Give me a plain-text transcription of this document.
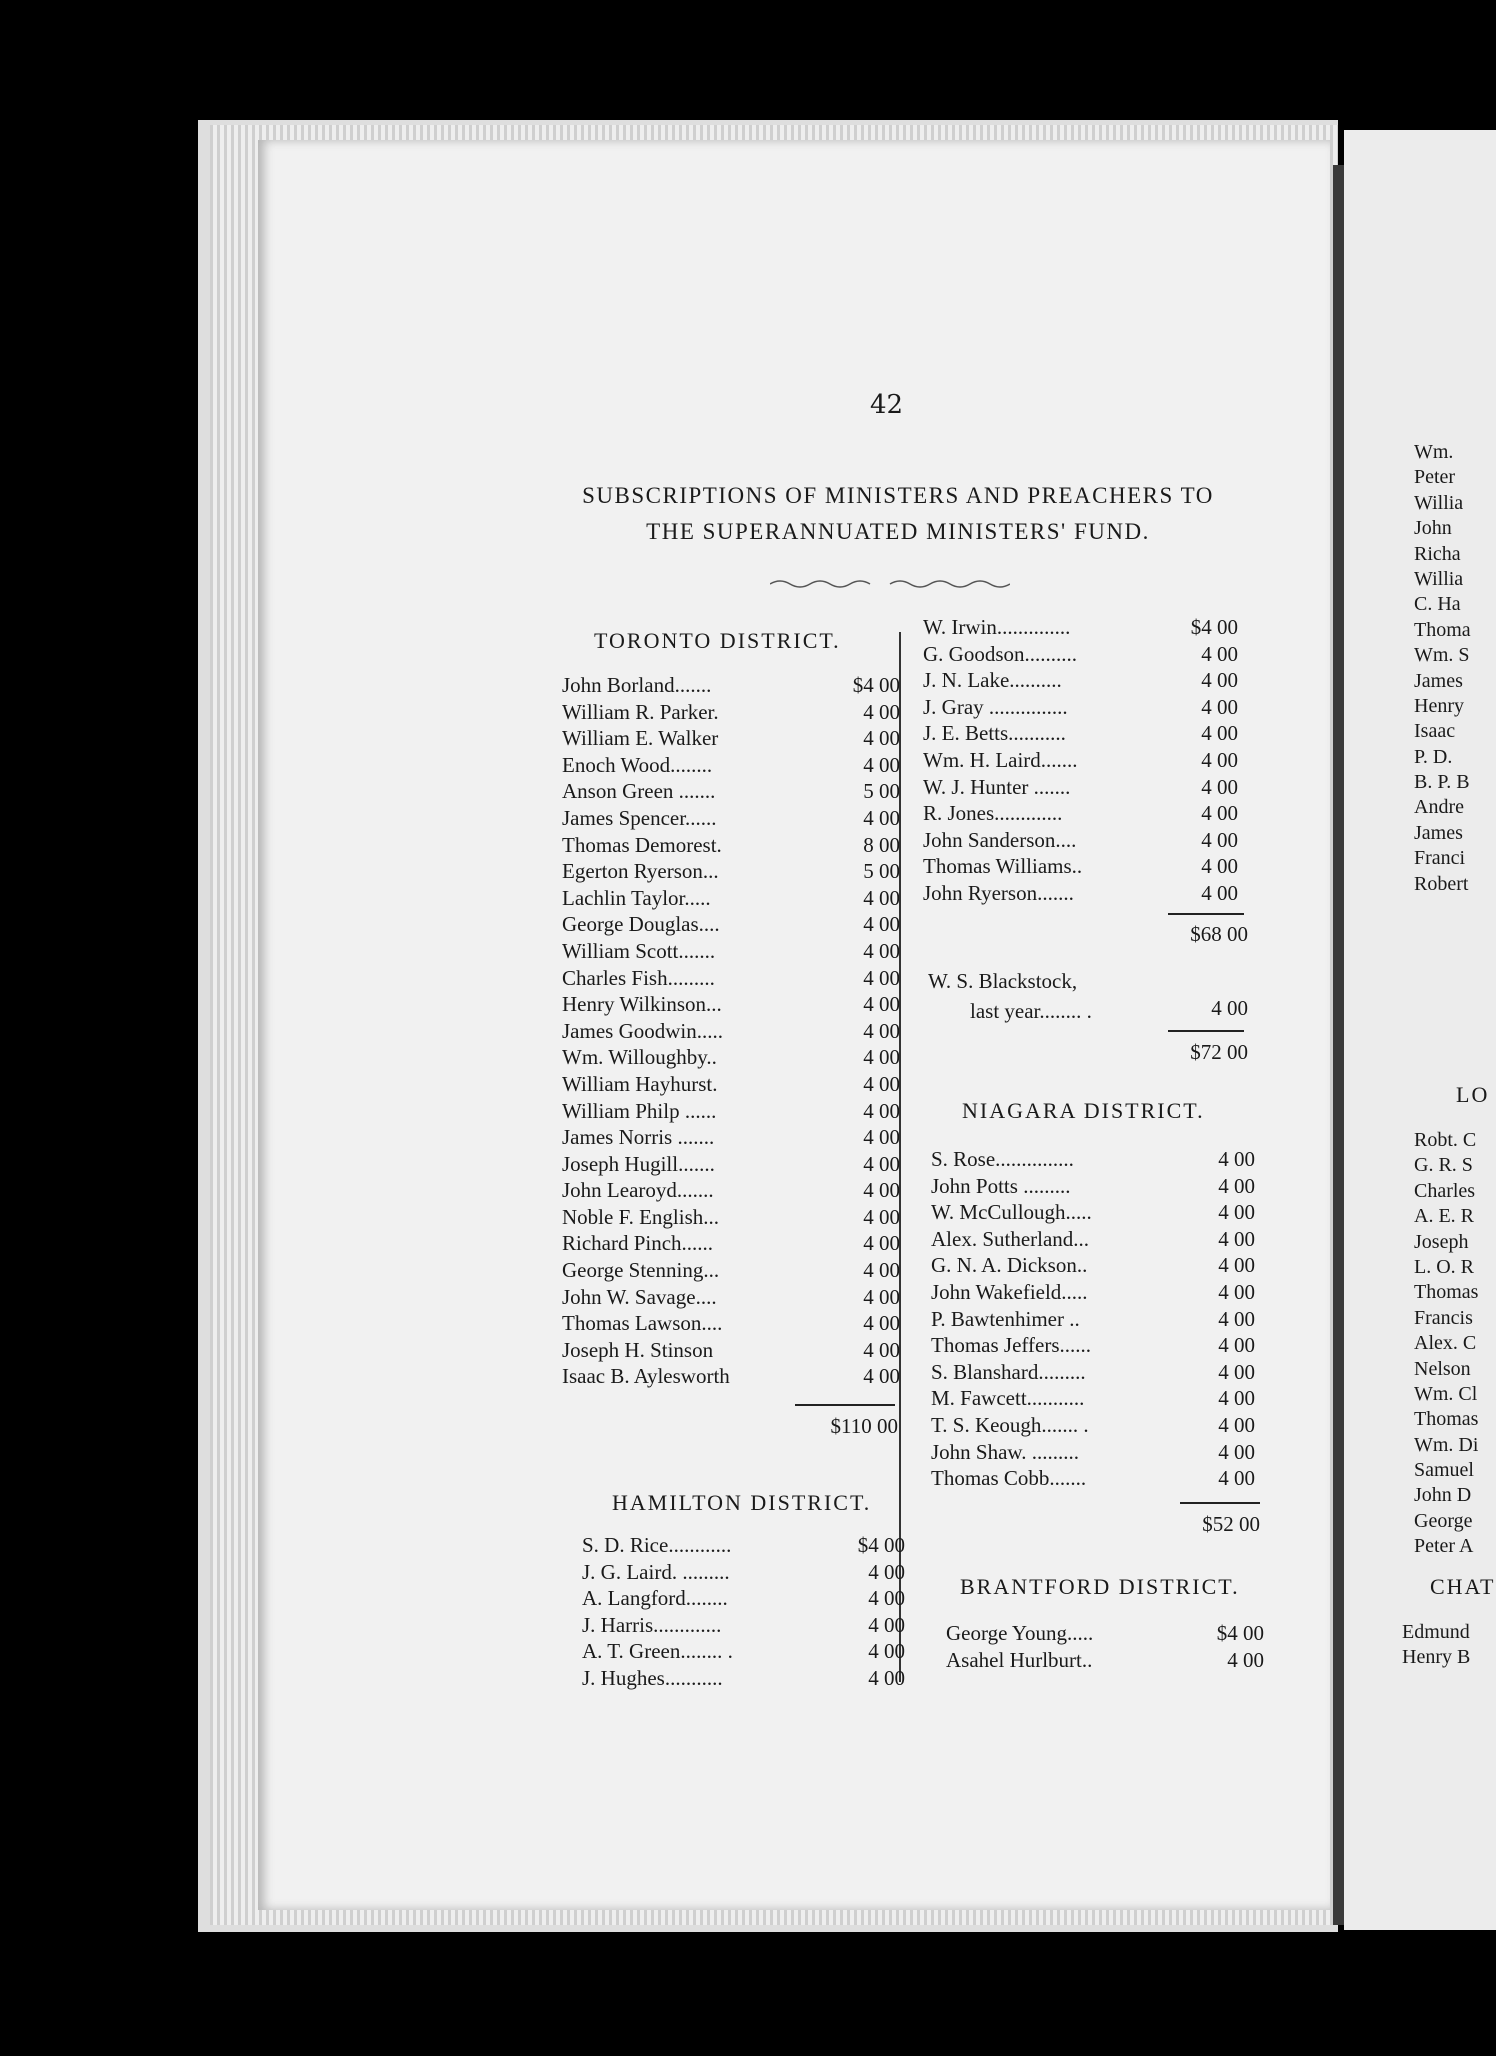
42
SUBSCRIPTIONS OF MINISTERS AND PREACHERS TO
THE SUPERANNUATED MINISTERS' FUND.
TORONTO DISTRICT.
John Borland.......	$4 00
William R. Parker.	4 00
William E. Walker	4 00
Enoch Wood........	4 00
Anson Green .......	5 00
James Spencer......	4 00
Thomas Demorest.	8 00
Egerton Ryerson...	5 00
Lachlin Taylor.....	4 00
George Douglas....	4 00
William Scott.......	4 00
Charles Fish.........	4 00
Henry Wilkinson...	4 00
James Goodwin.....	4 00
Wm. Willoughby..	4 00
William Hayhurst.	4 00
William Philp ......	4 00
James Norris .......	4 00
Joseph Hugill.......	4 00
John Learoyd.......	4 00
Noble F. English...	4 00
Richard Pinch......	4 00
George Stenning...	4 00
John W. Savage....	4 00
Thomas Lawson....	4 00
Joseph H. Stinson	4 00
Isaac B. Aylesworth	4 00
$110 00
HAMILTON DISTRICT.
S. D. Rice............	$4 00
J. G. Laird. .........	4 00
A. Langford........	4 00
J. Harris.............	4 00
A. T. Green........ .	4 00
J. Hughes...........	4 00
W. Irwin..............	$4 00
G. Goodson..........	4 00
J. N. Lake..........	4 00
J. Gray ...............	4 00
J. E. Betts...........	4 00
Wm. H. Laird.......	4 00
W. J. Hunter .......	4 00
R. Jones.............	4 00
John Sanderson....	4 00
Thomas Williams..	4 00
John Ryerson.......	4 00
$68 00
W. S. Blackstock,
last year........ .	4 00
$72 00
NIAGARA DISTRICT.
S. Rose...............	4 00
John Potts .........	4 00
W. McCullough.....	4 00
Alex. Sutherland...	4 00
G. N. A. Dickson..	4 00
John Wakefield.....	4 00
P. Bawtenhimer ..	4 00
Thomas Jeffers......	4 00
S. Blanshard.........	4 00
M. Fawcett...........	4 00
T. S. Keough....... .	4 00
John Shaw. .........	4 00
Thomas Cobb.......	4 00
$52 00
BRANTFORD DISTRICT.
George Young.....	$4 00
Asahel Hurlburt..	4 00
Wm.
Peter
Willia
John
Richa
Willia
C. Ha
Thoma
Wm. S
James
Henry
Isaac
P. D.
B. P. B
Andre
James
Franci
Robert
LO
Robt. C
G. R. S
Charles
A. E. R
Joseph
L. O. R
Thomas
Francis
Alex. C
Nelson
Wm. Cl
Thomas
Wm. Di
Samuel
John D
George
Peter A
CHAT
Edmund
Henry B
